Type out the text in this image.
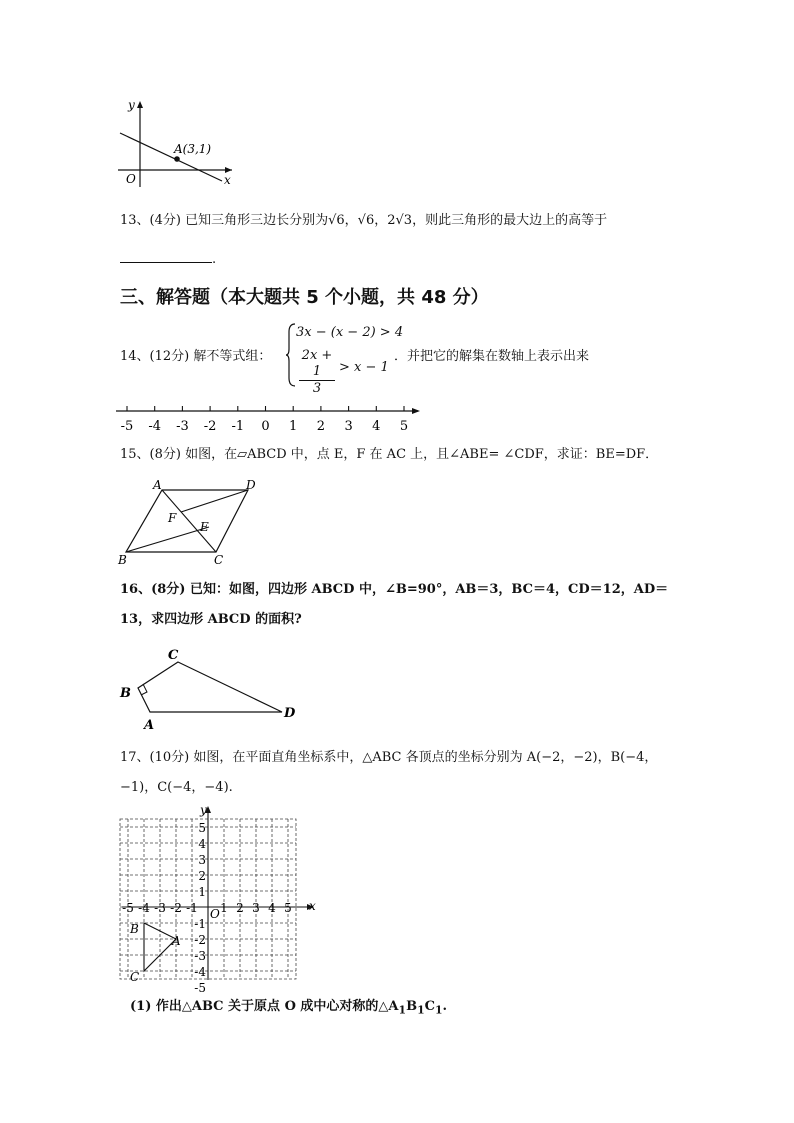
A(3,1)
O	x
y
13、(4分) 已知三角形三边长分别为√6，√6，2√3，则此三角形的最大边上的高等于
.
三、解答题（本大题共 5 个小题，共 48 分）
14、(12分) 解不等式组：
3x − (x − 2) > 4
2x + 1
3
> x − 1
．并把它的解集在数轴上表示出来
-5 -4 -3 -2 -1 0 1 2 3 4 5
15、(8分) 如图，在▱ABCD 中，点 E，F 在 AC 上，且∠ABE= ∠CDF，求证：BE=DF．
A	D
F
E
B	C
16、(8分) 已知：如图，四边形 ABCD 中，∠B=90°，AB＝3，BC＝4，CD＝12，AD＝
13，求四边形 ABCD 的面积?
C
B
A
D
17、(10分) 如图，在平面直角坐标系中，△ABC 各顶点的坐标分别为 A(−2，−2)，B(−4，
−1)，C(−4，−4).
x
y
O
-5 -4 -3 -2 -1 1 2 3 4 5
5
4
3
2
1
-1
-2
-3
-4
-5
A
B
C
(1) 作出△ABC 关于原点 O 成中心对称的$\triangle A_1B_1C_1$.
